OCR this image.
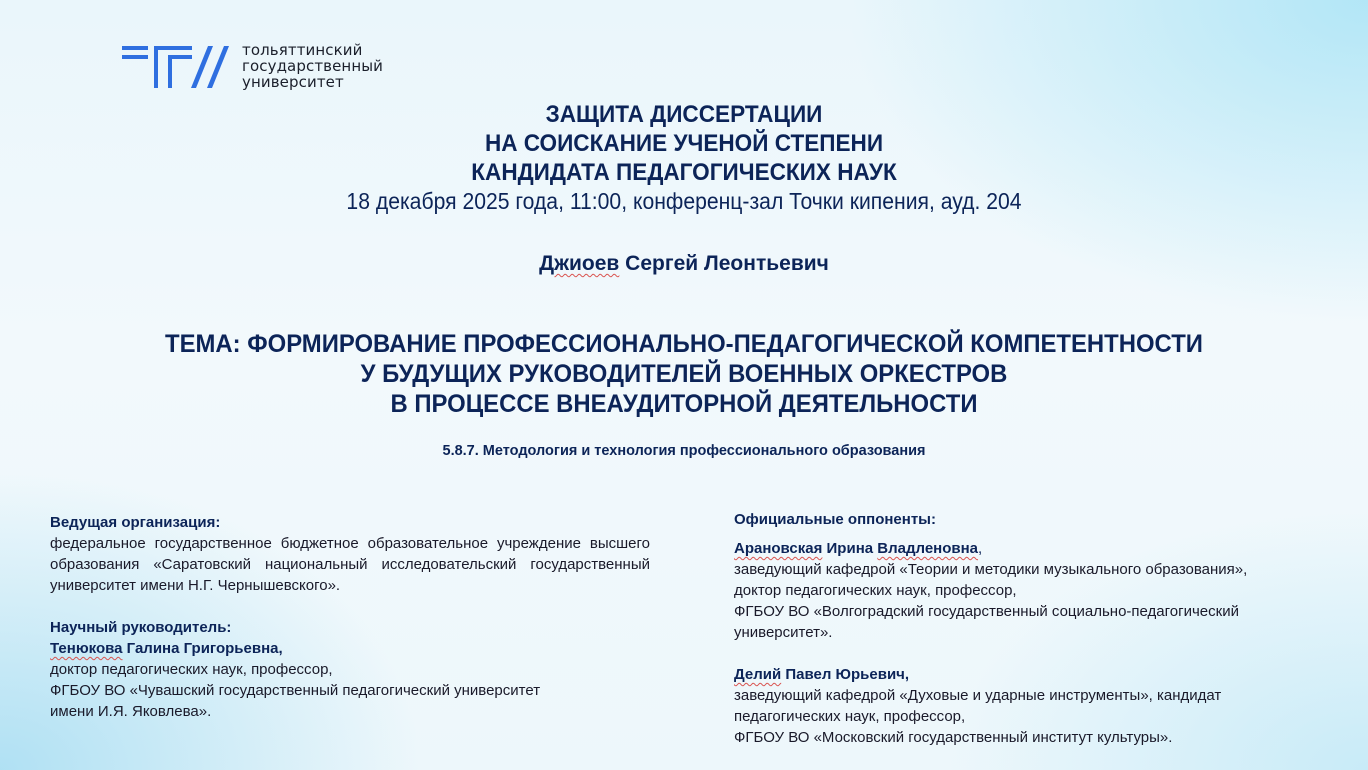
тольяттинский
государственный
университет
ЗАЩИТА ДИССЕРТАЦИИ
НА СОИСКАНИЕ УЧЕНОЙ СТЕПЕНИ
КАНДИДАТА ПЕДАГОГИЧЕСКИХ НАУК
18 декабря 2025 года, 11:00, конференц-зал Точки кипения, ауд. 204
Джиоев Сергей Леонтьевич
ТЕМА: ФОРМИРОВАНИЕ ПРОФЕССИОНАЛЬНО-ПЕДАГОГИЧЕСКОЙ КОМПЕТЕНТНОСТИ
У БУДУЩИХ РУКОВОДИТЕЛЕЙ ВОЕННЫХ ОРКЕСТРОВ
В ПРОЦЕССЕ ВНЕАУДИТОРНОЙ ДЕЯТЕЛЬНОСТИ
5.8.7. Методология и технология профессионального образования
Ведущая организация:
федеральное государственное бюджетное образовательное учреждение высшего образования «Саратовский национальный исследовательский государственный университет имени Н.Г. Чернышевского».
Научный руководитель:
Тенюкова Галина Григорьевна,
доктор педагогических наук, профессор,
ФГБОУ ВО «Чувашский государственный педагогический университет
имени И.Я. Яковлева».
Официальные оппоненты:
Арановская Ирина Владленовна,
заведующий кафедрой «Теории и методики музыкального образования»,
доктор педагогических наук, профессор,
ФГБОУ ВО «Волгоградский государственный социально-педагогический
университет».
Делий Павел Юрьевич,
заведующий кафедрой «Духовые и ударные инструменты», кандидат
педагогических наук, профессор,
ФГБОУ ВО «Московский государственный институт культуры».
